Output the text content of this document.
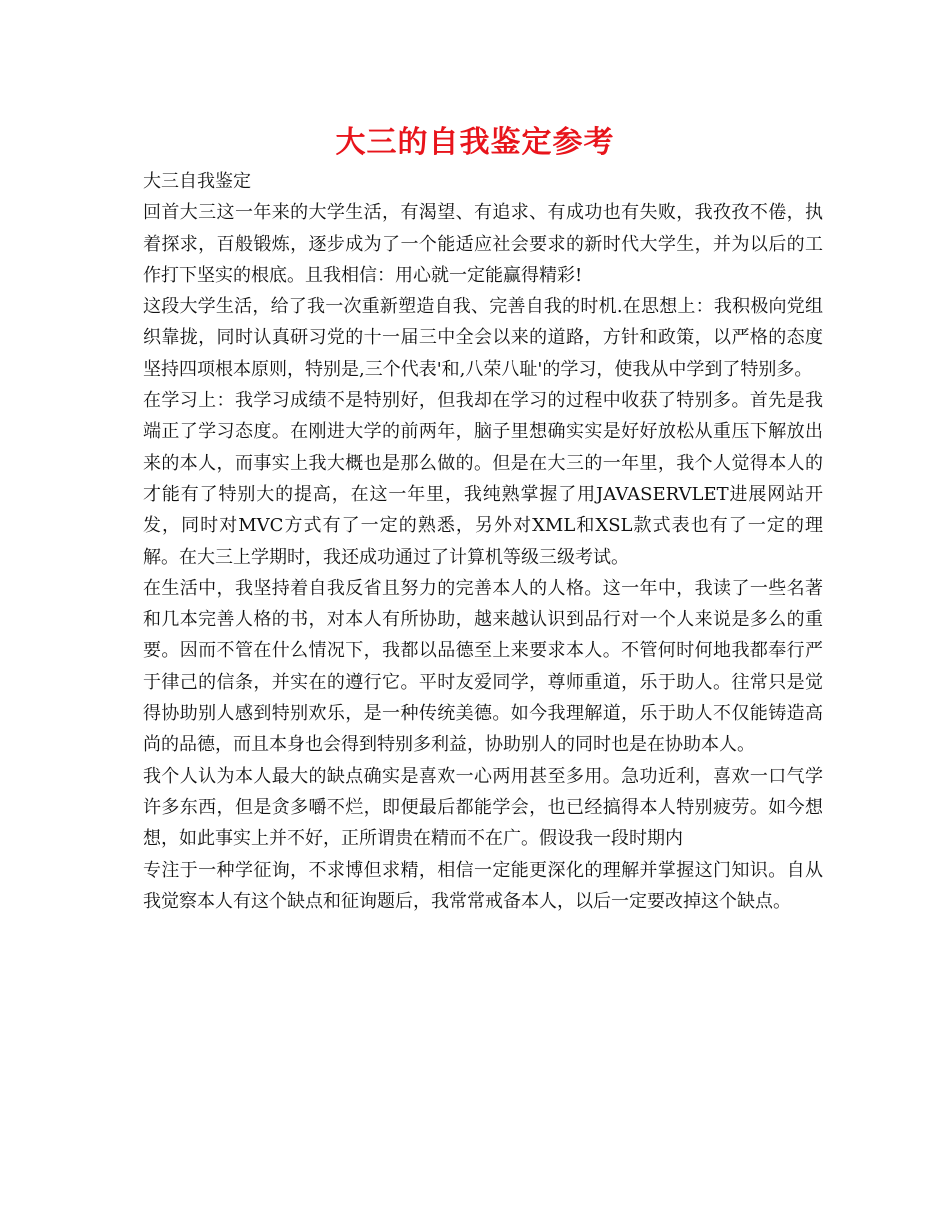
大三的自我鉴定参考

大三自我鉴定

回首大三这一年来的大学生活，有渴望、有追求、有成功也有失败，我孜孜不倦，执着探求，百般锻炼，逐步成为了一个能适应社会要求的新时代大学生，并为以后的工作打下坚实的根底。且我相信：用心就一定能赢得精彩!

这段大学生活，给了我一次重新塑造自我、完善自我的时机.在思想上：我积极向党组织靠拢，同时认真研习党的十一届三中全会以来的道路，方针和政策，以严格的态度坚持四项根本原则，特别是,三个代表'和,八荣八耻'的学习，使我从中学到了特别多。

在学习上：我学习成绩不是特别好，但我却在学习的过程中收获了特别多。首先是我端正了学习态度。在刚进大学的前两年，脑子里想确实实是好好放松从重压下解放出来的本人，而事实上我大概也是那么做的。但是在大三的一年里，我个人觉得本人的才能有了特别大的提高，在这一年里，我纯熟掌握了用JAVASERVLET进展网站开发，同时对MVC方式有了一定的熟悉，另外对XML和XSL款式表也有了一定的理解。在大三上学期时，我还成功通过了计算机等级三级考试。

在生活中，我坚持着自我反省且努力的完善本人的人格。这一年中，我读了一些名著和几本完善人格的书，对本人有所协助，越来越认识到品行对一个人来说是多么的重要。因而不管在什么情况下，我都以品德至上来要求本人。不管何时何地我都奉行严于律己的信条，并实在的遵行它。平时友爱同学，尊师重道，乐于助人。往常只是觉得协助别人感到特别欢乐，是一种传统美德。如今我理解道，乐于助人不仅能铸造高尚的品德，而且本身也会得到特别多利益，协助别人的同时也是在协助本人。

我个人认为本人最大的缺点确实是喜欢一心两用甚至多用。急功近利，喜欢一口气学许多东西，但是贪多嚼不烂，即便最后都能学会，也已经搞得本人特别疲劳。如今想想，如此事实上并不好，正所谓贵在精而不在广。假设我一段时期内

专注于一种学征询，不求博但求精，相信一定能更深化的理解并掌握这门知识。自从我觉察本人有这个缺点和征询题后，我常常戒备本人，以后一定要改掉这个缺点。
